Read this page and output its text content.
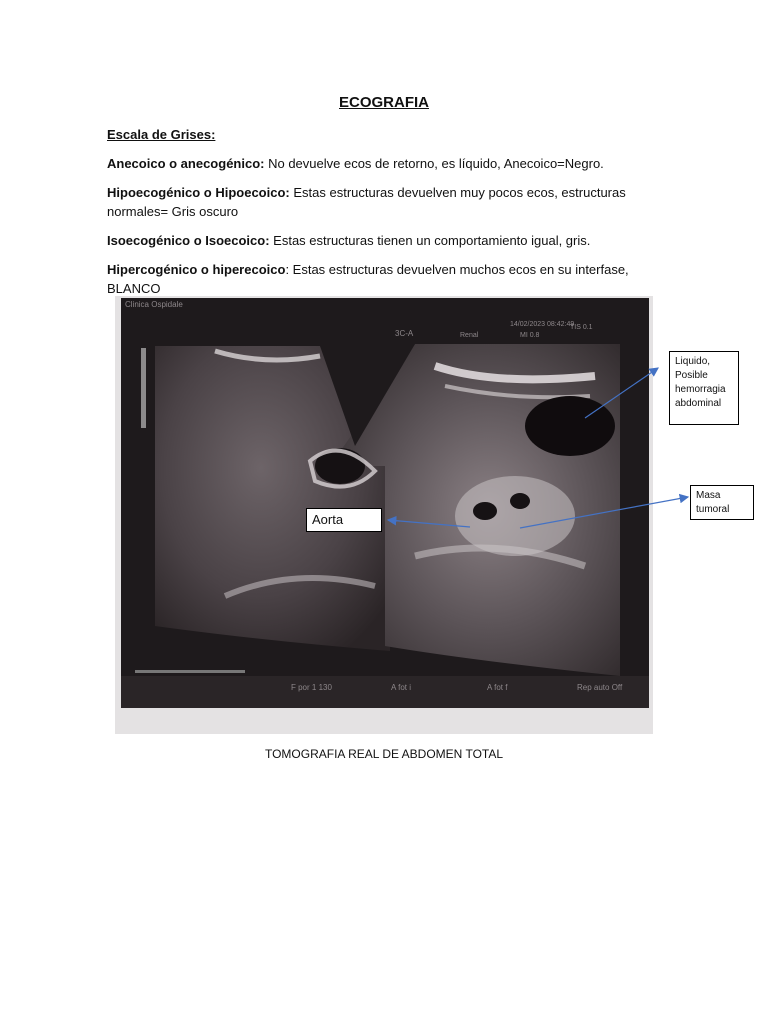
ECOGRAFIA
Escala de Grises:
Anecoico o anecogénico: No devuelve ecos de retorno, es líquido, Anecoico=Negro.
Hipoecogénico o Hipoecoico: Estas estructuras devuelven muy pocos ecos, estructuras normales= Gris oscuro
Isoecogénico o Isoecoico: Estas estructuras tienen un comportamiento igual, gris.
Hipercogénico o hiperecoico: Estas estructuras devuelven muchos ecos en su interfase, BLANCO
Clinica Ospidale
3C-A	Renal
14/02/2023 08:42:49
MI 0.8
TIS 0.1
F por 1 130	A fot i	A fot f	Rep auto Off
Aorta
Liquido,
Posible
hemorragia
abdominal
Masa
tumoral
TOMOGRAFIA REAL DE ABDOMEN TOTAL
